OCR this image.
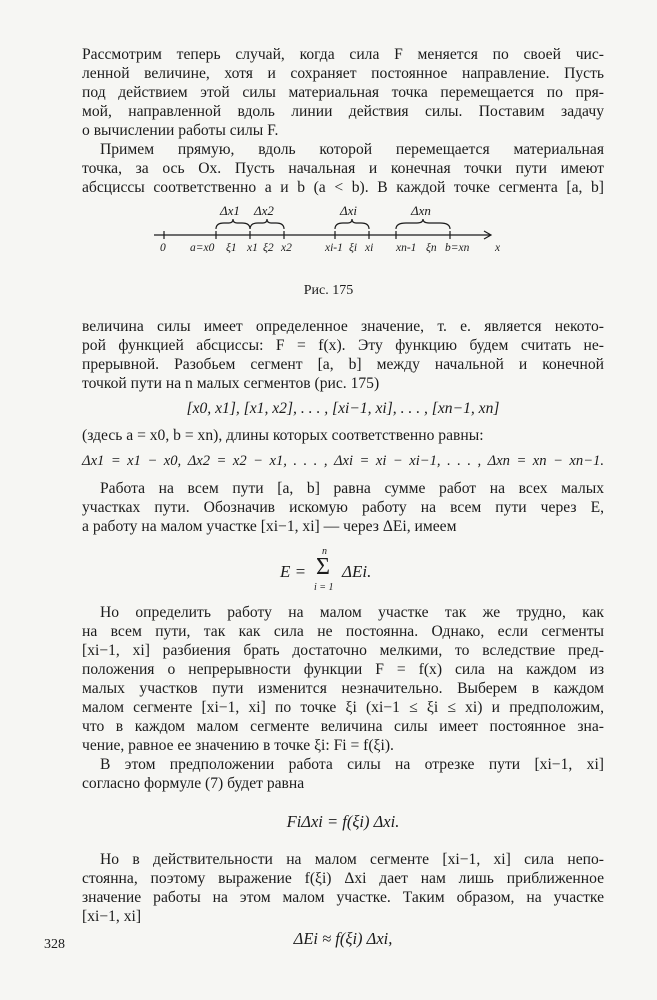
Рассмотрим теперь случай, когда сила F меняется по своей чис-
ленной величине, хотя и сохраняет постоянное направление. Пусть
под действием этой силы материальная точка перемещается по пря-
мой, направленной вдоль линии действия силы. Поставим задачу
о вычислении работы силы F.
Примем прямую, вдоль которой перемещается материальная
точка, за ось Ox. Пусть начальная и конечная точки пути имеют
абсциссы соответственно a и b (a < b). В каждой точке сегмента [a, b]
Δx1 Δx2	Δxi	Δxn
0 a=x0 ξ1 x1 ξ2 x2	xi-1 ξi xi xn-1 ξn b=xn x
Рис. 175
величина силы имеет определенное значение, т. е. является некото-
рой функцией абсциссы: F = f(x). Эту функцию будем считать не-
прерывной. Разобьем сегмент [a, b] между начальной и конечной
точкой пути на n малых сегментов (рис. 175)
[x0, x1], [x1, x2], . . . , [xi−1, xi], . . . , [xn−1, xn]
(здесь a = x0, b = xn), длины которых соответственно равны:
Δx1 = x1 − x0, Δx2 = x2 − x1, . . . , Δxi = xi − xi−1, . . . , Δxn = xn − xn−1.
Работа на всем пути [a, b] равна сумме работ на всех малых
участках пути. Обозначив искомую работу на всем пути через E,
а работу на малом участке [xi−1, xi] — через ΔEi, имеем
E =
n
Σ
i = 1
ΔEi.
Но определить работу на малом участке так же трудно, как
на всем пути, так как сила не постоянна. Однако, если сегменты
[xi−1, xi] разбиения брать достаточно мелкими, то вследствие пред-
положения о непрерывности функции F = f(x) сила на каждом из
малых участков пути изменится незначительно. Выберем в каждом
малом сегменте [xi−1, xi] по точке ξi (xi−1 ≤ ξi ≤ xi) и предположим,
что в каждом малом сегменте величина силы имеет постоянное зна-
чение, равное ее значению в точке ξi: Fi = f(ξi).
В этом предположении работа силы на отрезке пути [xi−1, xi]
согласно формуле (7) будет равна
FiΔxi = f(ξi) Δxi.
Но в действительности на малом сегменте [xi−1, xi] сила непо-
стоянна, поэтому выражение f(ξi) Δxi дает нам лишь приближенное
значение работы на этом малом участке. Таким образом, на участке
[xi−1, xi]
ΔEi ≈ f(ξi) Δxi,
328
